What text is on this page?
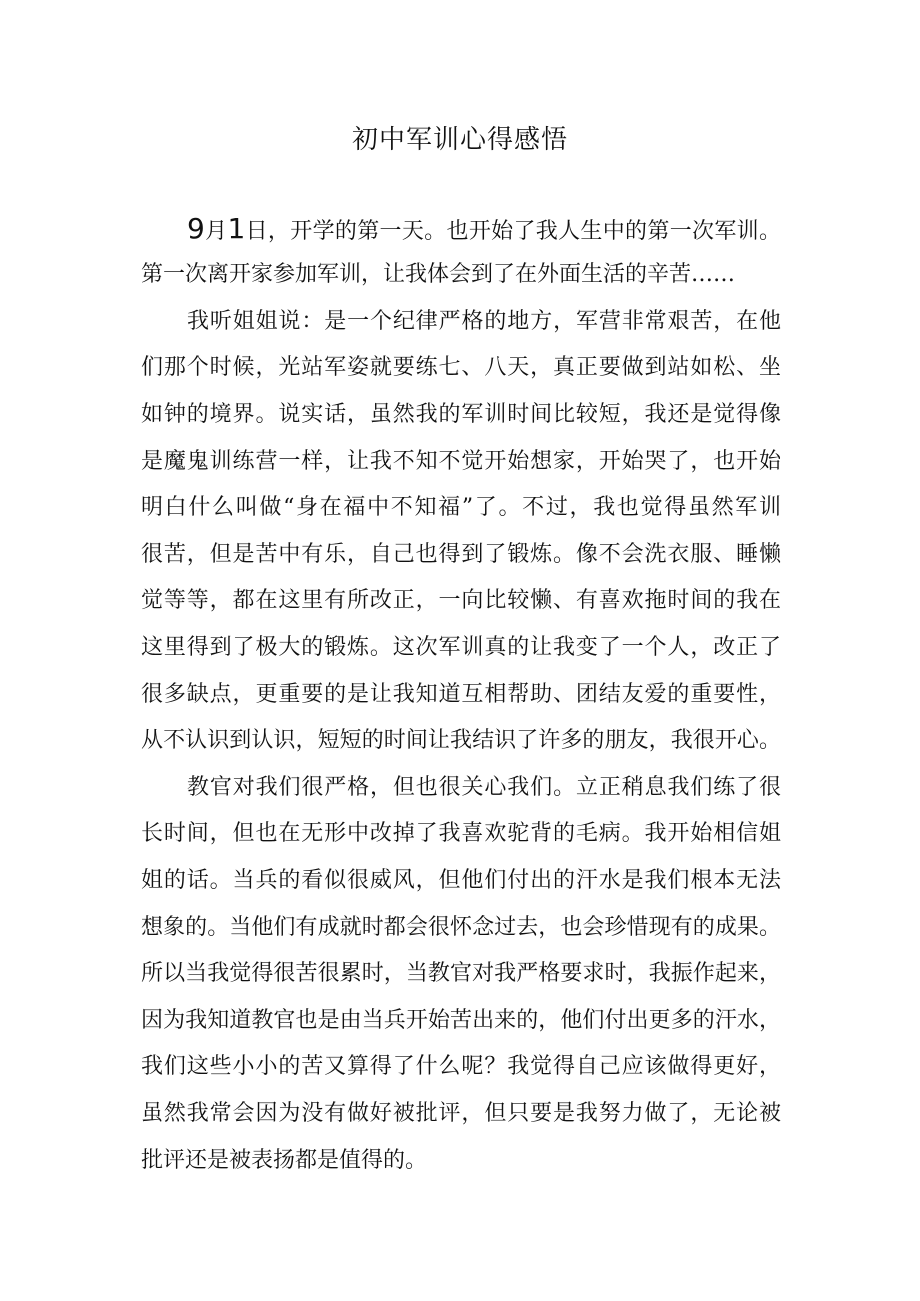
初中军训心得感悟
9月1日，开学的第一天。也开始了我人生中的第一次军训。
第一次离开家参加军训，让我体会到了在外面生活的辛苦……
我听姐姐说：是一个纪律严格的地方，军营非常艰苦，在他
们那个时候，光站军姿就要练七、八天，真正要做到站如松、坐
如钟的境界。说实话，虽然我的军训时间比较短，我还是觉得像
是魔鬼训练营一样，让我不知不觉开始想家，开始哭了，也开始
明白什么叫做“身在福中不知福”了。不过，我也觉得虽然军训
很苦，但是苦中有乐，自己也得到了锻炼。像不会洗衣服、睡懒
觉等等，都在这里有所改正，一向比较懒、有喜欢拖时间的我在
这里得到了极大的锻炼。这次军训真的让我变了一个人，改正了
很多缺点，更重要的是让我知道互相帮助、团结友爱的重要性，
从不认识到认识，短短的时间让我结识了许多的朋友，我很开心。
教官对我们很严格，但也很关心我们。立正稍息我们练了很
长时间，但也在无形中改掉了我喜欢驼背的毛病。我开始相信姐
姐的话。当兵的看似很威风，但他们付出的汗水是我们根本无法
想象的。当他们有成就时都会很怀念过去，也会珍惜现有的成果。
所以当我觉得很苦很累时，当教官对我严格要求时，我振作起来，
因为我知道教官也是由当兵开始苦出来的，他们付出更多的汗水，
我们这些小小的苦又算得了什么呢？我觉得自己应该做得更好，
虽然我常会因为没有做好被批评，但只要是我努力做了，无论被
批评还是被表扬都是值得的。
